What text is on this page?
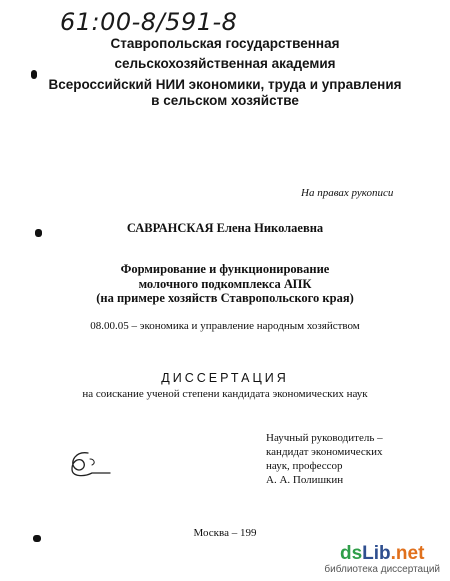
61:00-8/591-8
Ставропольская государственная
сельскохозяйственная академия
Всероссийский НИИ экономики, труда и управления
в сельском хозяйстве
На правах рукописи
САВРАНСКАЯ Елена Николаевна
Формирование и функционирование
молочного подкомплекса АПК
(на примере хозяйств Ставропольского края)
08.00.05 – экономика и управление народным хозяйством
ДИССЕРТАЦИЯ
на соискание ученой степени кандидата экономических наук
Научный руководитель –
кандидат экономических
наук, профессор
А. А. Полишкин
Москва – 199
dsLib.net
библиотека диссертаций
